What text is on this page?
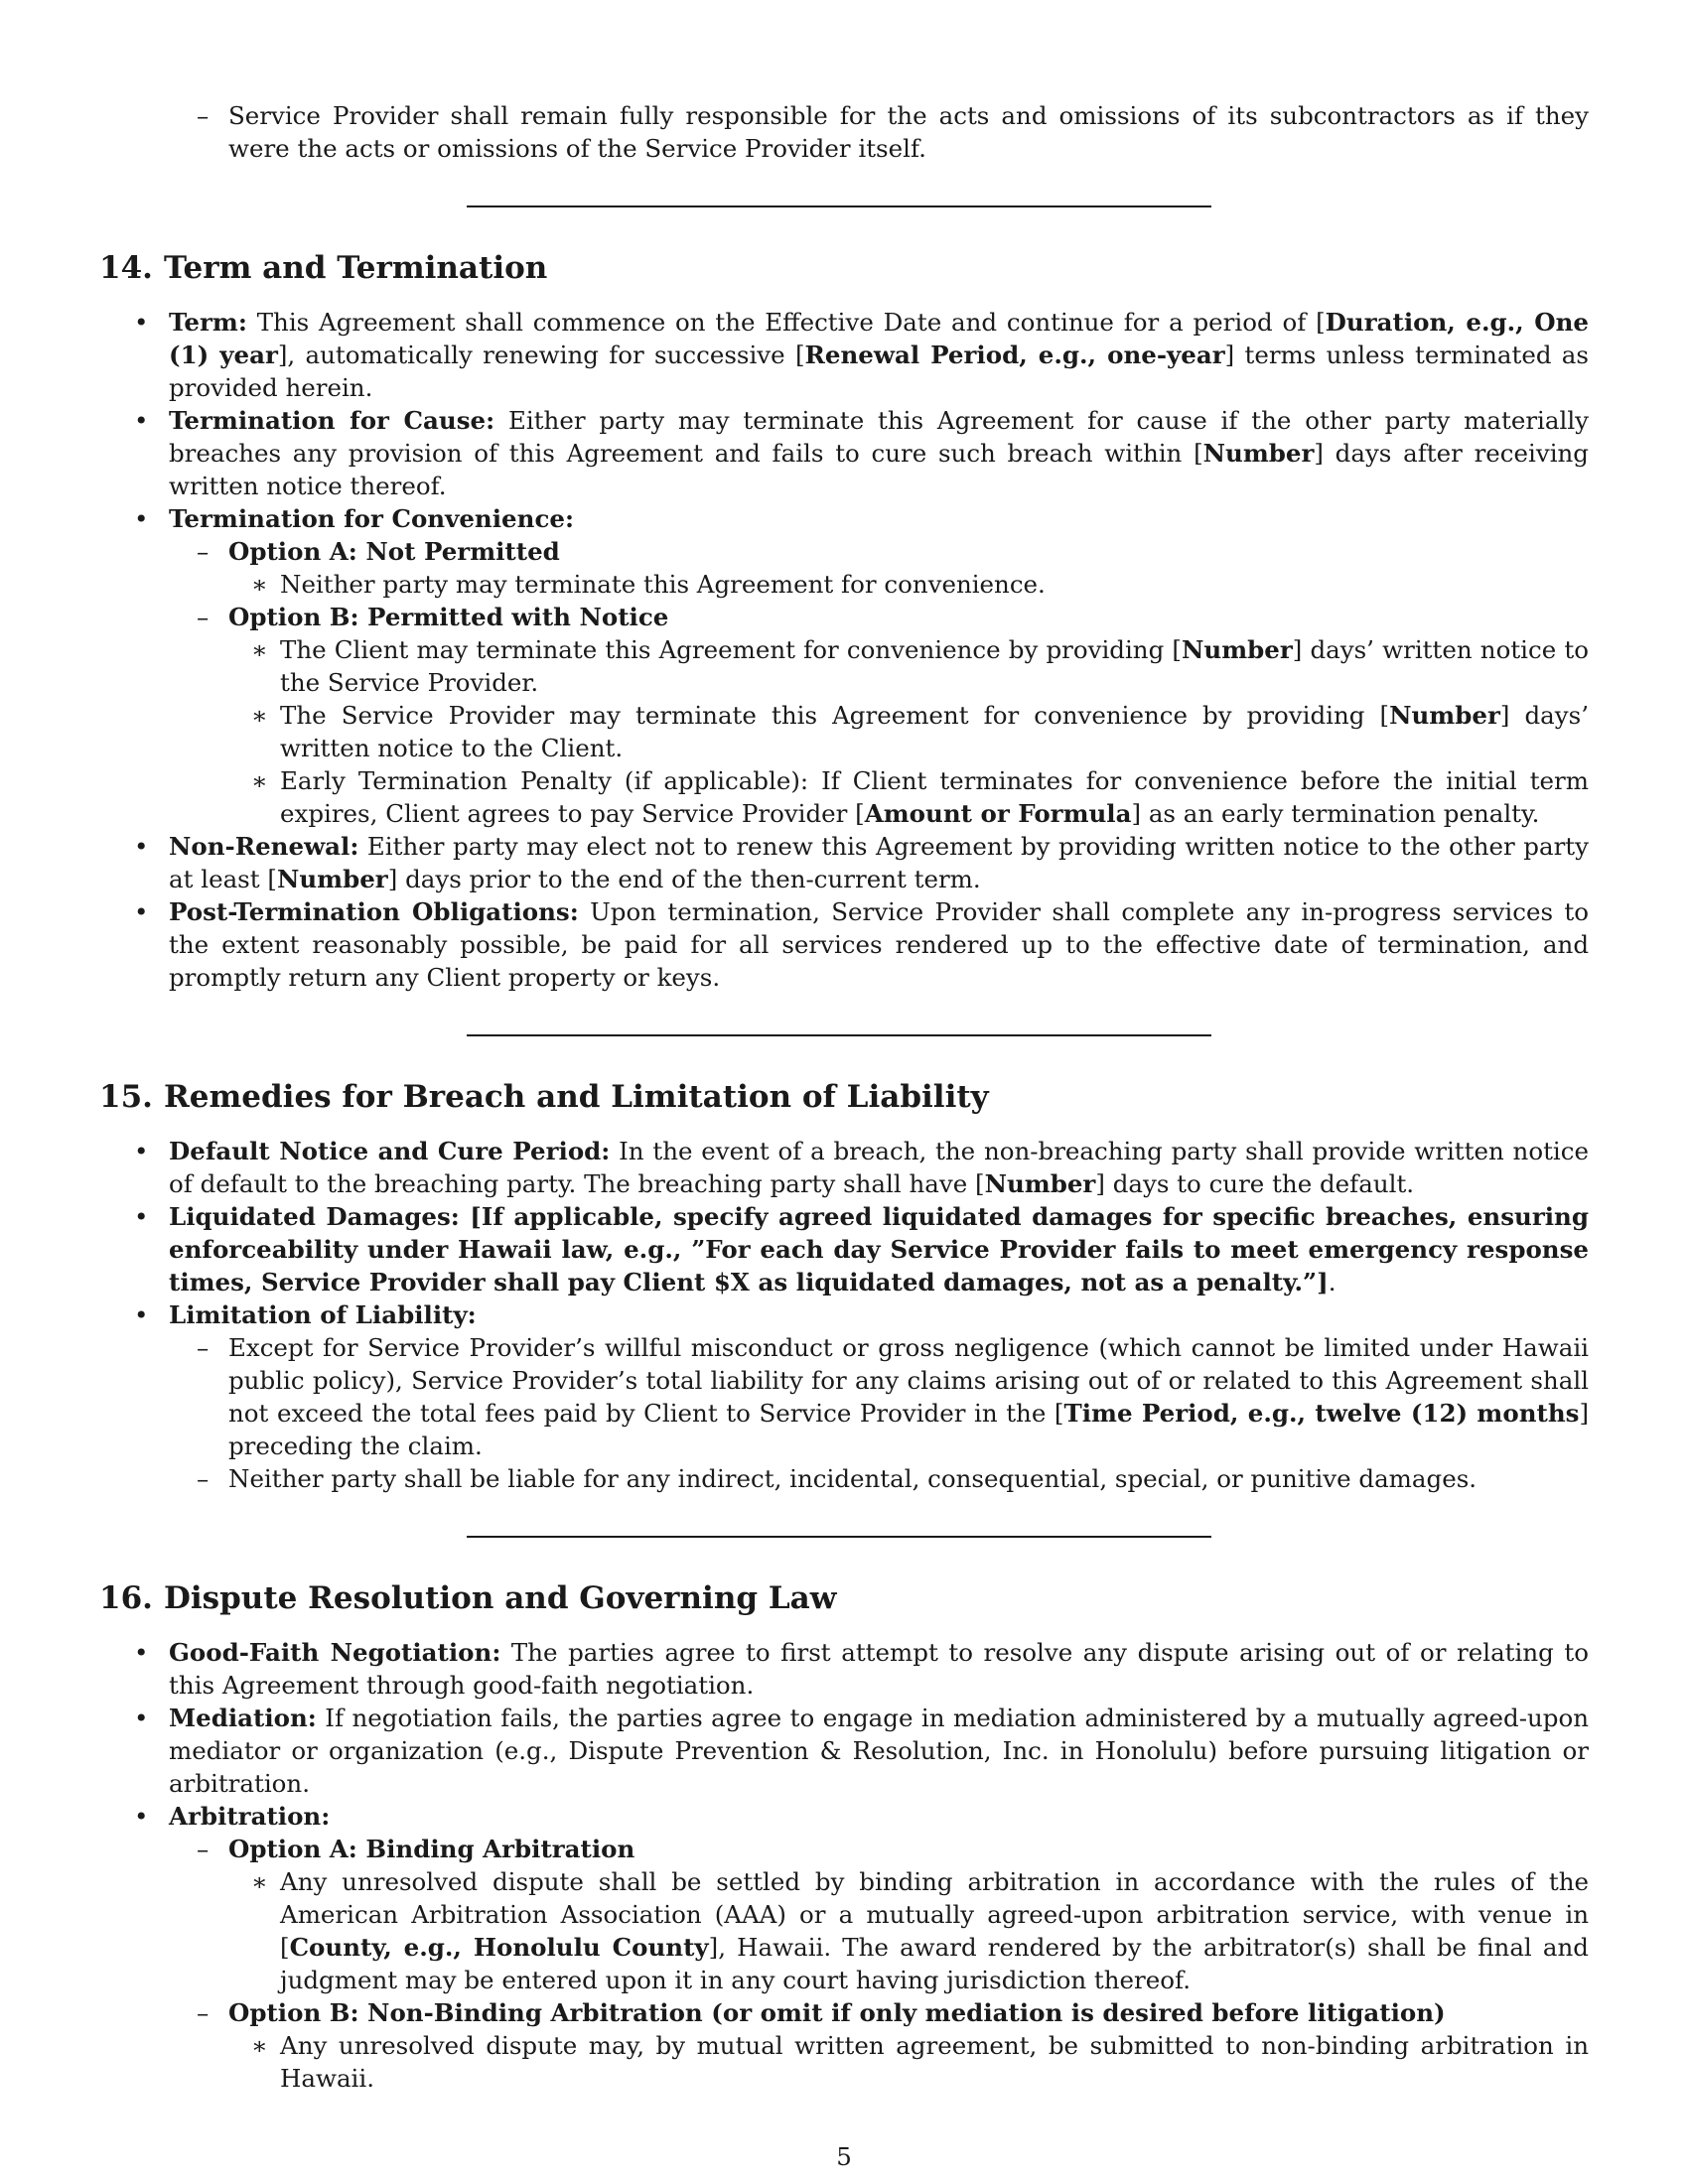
– Service Provider shall remain fully responsible for the acts and omissions of its subcontractors as if they were the acts or omissions of the Service Provider itself.
14. Term and Termination
• Term: This Agreement shall commence on the Effective Date and continue for a period of [Duration, e.g., One (1) year], automatically renewing for successive [Renewal Period, e.g., one-year] terms unless terminated as provided herein.
• Termination for Cause: Either party may terminate this Agreement for cause if the other party materially breaches any provision of this Agreement and fails to cure such breach within [Number] days after receiving written notice thereof.
• Termination for Convenience:
– Option A: Not Permitted
∗ Neither party may terminate this Agreement for convenience.
– Option B: Permitted with Notice
∗ The Client may terminate this Agreement for convenience by providing [Number] days’ written notice to the Service Provider.
∗ The Service Provider may terminate this Agreement for convenience by providing [Number] days’ written notice to the Client.
∗ Early Termination Penalty (if applicable): If Client terminates for convenience before the initial term expires, Client agrees to pay Service Provider [Amount or Formula] as an early termination penalty.
• Non-Renewal: Either party may elect not to renew this Agreement by providing written notice to the other party at least [Number] days prior to the end of the then-current term.
• Post-Termination Obligations: Upon termination, Service Provider shall complete any in-progress services to the extent reasonably possible, be paid for all services rendered up to the effective date of termination, and promptly return any Client property or keys.
15. Remedies for Breach and Limitation of Liability
• Default Notice and Cure Period: In the event of a breach, the non-breaching party shall provide written notice of default to the breaching party. The breaching party shall have [Number] days to cure the default.
• Liquidated Damages: [If applicable, specify agreed liquidated damages for specific breaches, ensuring enforceability under Hawaii law, e.g., ”For each day Service Provider fails to meet emergency response times, Service Provider shall pay Client $X as liquidated damages, not as a penalty.”].
• Limitation of Liability:
– Except for Service Provider’s willful misconduct or gross negligence (which cannot be limited under Hawaii public policy), Service Provider’s total liability for any claims arising out of or related to this Agreement shall not exceed the total fees paid by Client to Service Provider in the [Time Period, e.g., twelve (12) months] preceding the claim.
– Neither party shall be liable for any indirect, incidental, consequential, special, or punitive damages.
16. Dispute Resolution and Governing Law
• Good-Faith Negotiation: The parties agree to first attempt to resolve any dispute arising out of or relating to this Agreement through good-faith negotiation.
• Mediation: If negotiation fails, the parties agree to engage in mediation administered by a mutually agreed-upon mediator or organization (e.g., Dispute Prevention & Resolution, Inc. in Honolulu) before pursuing litigation or arbitration.
• Arbitration:
– Option A: Binding Arbitration
∗ Any unresolved dispute shall be settled by binding arbitration in accordance with the rules of the American Arbitration Association (AAA) or a mutually agreed-upon arbitration service, with venue in [County, e.g., Honolulu County], Hawaii. The award rendered by the arbitrator(s) shall be final and judgment may be entered upon it in any court having jurisdiction thereof.
– Option B: Non-Binding Arbitration (or omit if only mediation is desired before litigation)
∗ Any unresolved dispute may, by mutual written agreement, be submitted to non-binding arbitration in Hawaii.
5
